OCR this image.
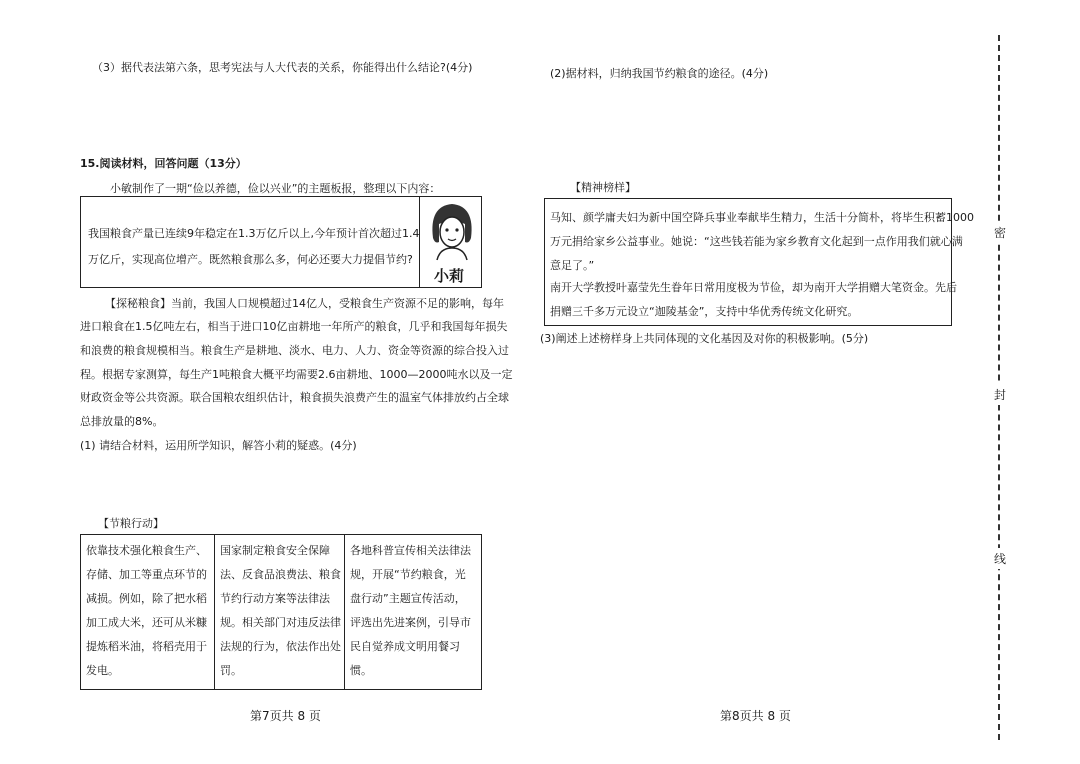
（3）据代表法第六条，思考宪法与人大代表的关系，你能得出什么结论?(4分)
15.阅读材料，回答问题（13分）
小敏制作了一期“俭以养德，俭以兴业”的主题板报，整理以下内容：
我国粮食产量已连续9年稳定在1.3万亿斤以上,今年预计首次超过1.4
万亿斤，实现高位增产。既然粮食那么多，何必还要大力提倡节约?
小莉
【探秘粮食】当前，我国人口规模超过14亿人，受粮食生产资源不足的影响，每年
进口粮食在1.5亿吨左右，相当于进口10亿亩耕地一年所产的粮食，几乎和我国每年损失
和浪费的粮食规模相当。粮食生产是耕地、淡水、电力、人力、资金等资源的综合投入过
程。根据专家测算，每生产1吨粮食大概平均需要2.6亩耕地、1000—2000吨水以及一定
财政资金等公共资源。联合国粮农组织估计，粮食损失浪费产生的温室气体排放约占全球
总排放量的8%。
(1) 请结合材料，运用所学知识，解答小莉的疑惑。(4分)
【节粮行动】
依靠技术强化粮食生产、
存储、加工等重点环节的
减损。例如，除了把水稻
加工成大米，还可从米糠
提炼稻米油，将稻壳用于
发电。
国家制定粮食安全保障
法、反食品浪费法、粮食
节约行动方案等法律法
规。相关部门对违反法律
法规的行为，依法作出处
罚。
各地科普宣传相关法律法
规，开展“节约粮食，光
盘行动”主题宣传活动，
评选出先进案例，引导市
民自觉养成文明用餐习
惯。
第7页共 8 页
(2)据材料，归纳我国节约粮食的途径。(4分)
【精神榜样】
马知、颜学庸夫妇为新中国空降兵事业奉献毕生精力，生活十分简朴，将毕生积蓄1000
万元捐给家乡公益事业。她说：“这些钱若能为家乡教育文化起到一点作用我们就心满
意足了。”
南开大学教授叶嘉莹先生眷年日常用度极为节俭，却为南开大学捐赠大笔资金。先后
捐赠三千多万元设立“迦陵基金”，支持中华优秀传统文化研究。
(3)阐述上述榜样身上共同体现的文化基因及对你的积极影响。(5分)
第8页共 8 页
密
封
线
